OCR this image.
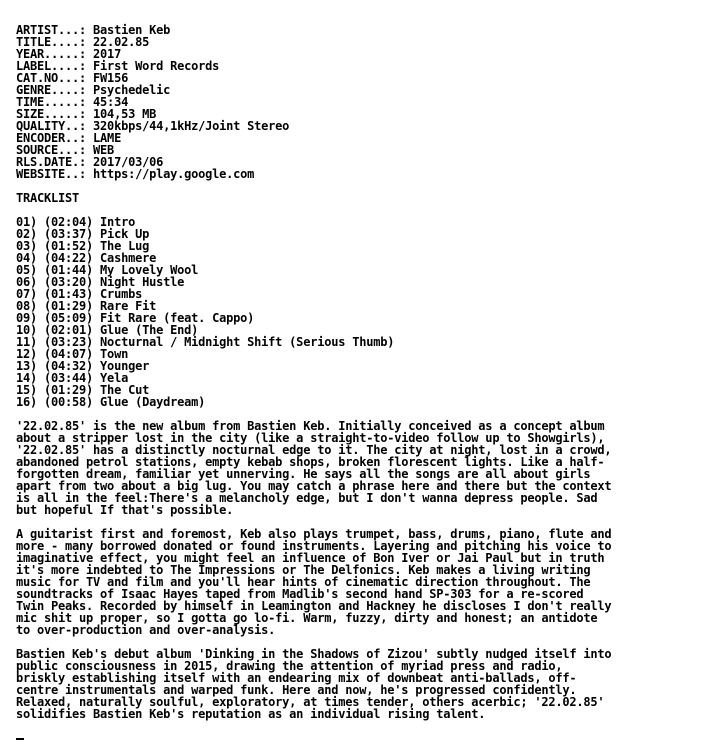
ARTIST...: Bastien Keb
TITLE....: 22.02.85
YEAR.....: 2017
LABEL....: First Word Records
CAT.NO...: FW156
GENRE....: Psychedelic
TIME.....: 45:34
SIZE.....: 104,53 MB
QUALITY..: 320kbps/44,1kHz/Joint Stereo
ENCODER..: LAME
SOURCE...: WEB
RLS.DATE.: 2017/03/06
WEBSITE..: https://play.google.com
TRACKLIST
01) (02:04) Intro
02) (03:37) Pick Up
03) (01:52) The Lug
04) (04:22) Cashmere
05) (01:44) My Lovely Wool
06) (03:20) Night Hustle
07) (01:43) Crumbs
08) (01:29) Rare Fit
09) (05:09) Fit Rare (feat. Cappo)
10) (02:01) Glue (The End)
11) (03:23) Nocturnal / Midnight Shift (Serious Thumb)
12) (04:07) Town
13) (04:32) Younger
14) (03:44) Yela
15) (01:29) The Cut
16) (00:58) Glue (Daydream)
'22.02.85' is the new album from Bastien Keb. Initially conceived as a concept album
about a stripper lost in the city (like a straight-to-video follow up to Showgirls),
'22.02.85' has a distinctly nocturnal edge to it. The city at night, lost in a crowd,
abandoned petrol stations, empty kebab shops, broken florescent lights. Like a half-
forgotten dream, familiar yet unnerving. He says all the songs are all about girls
apart from two about a big lug. You may catch a phrase here and there but the context
is all in the feel:There's a melancholy edge, but I don't wanna depress people. Sad
but hopeful If that's possible.
A guitarist first and foremost, Keb also plays trumpet, bass, drums, piano, flute and
more - many borrowed donated or found instruments. Layering and pitching his voice to
imaginative effect, you might feel an influence of Bon Iver or Jai Paul but in truth
it's more indebted to The Impressions or The Delfonics. Keb makes a living writing
music for TV and film and you'll hear hints of cinematic direction throughout. The
soundtracks of Isaac Hayes taped from Madlib's second hand SP-303 for a re-scored
Twin Peaks. Recorded by himself in Leamington and Hackney he discloses I don't really
mic shit up proper, so I gotta go lo-fi. Warm, fuzzy, dirty and honest; an antidote
to over-production and over-analysis.
Bastien Keb's debut album 'Dinking in the Shadows of Zizou' subtly nudged itself into
public consciousness in 2015, drawing the attention of myriad press and radio,
briskly establishing itself with an endearing mix of downbeat anti-ballads, off-
centre instrumentals and warped funk. Here and now, he's progressed confidently.
Relaxed, naturally soulful, exploratory, at times tender, others acerbic; '22.02.85'
solidifies Bastien Keb's reputation as an individual rising talent.
